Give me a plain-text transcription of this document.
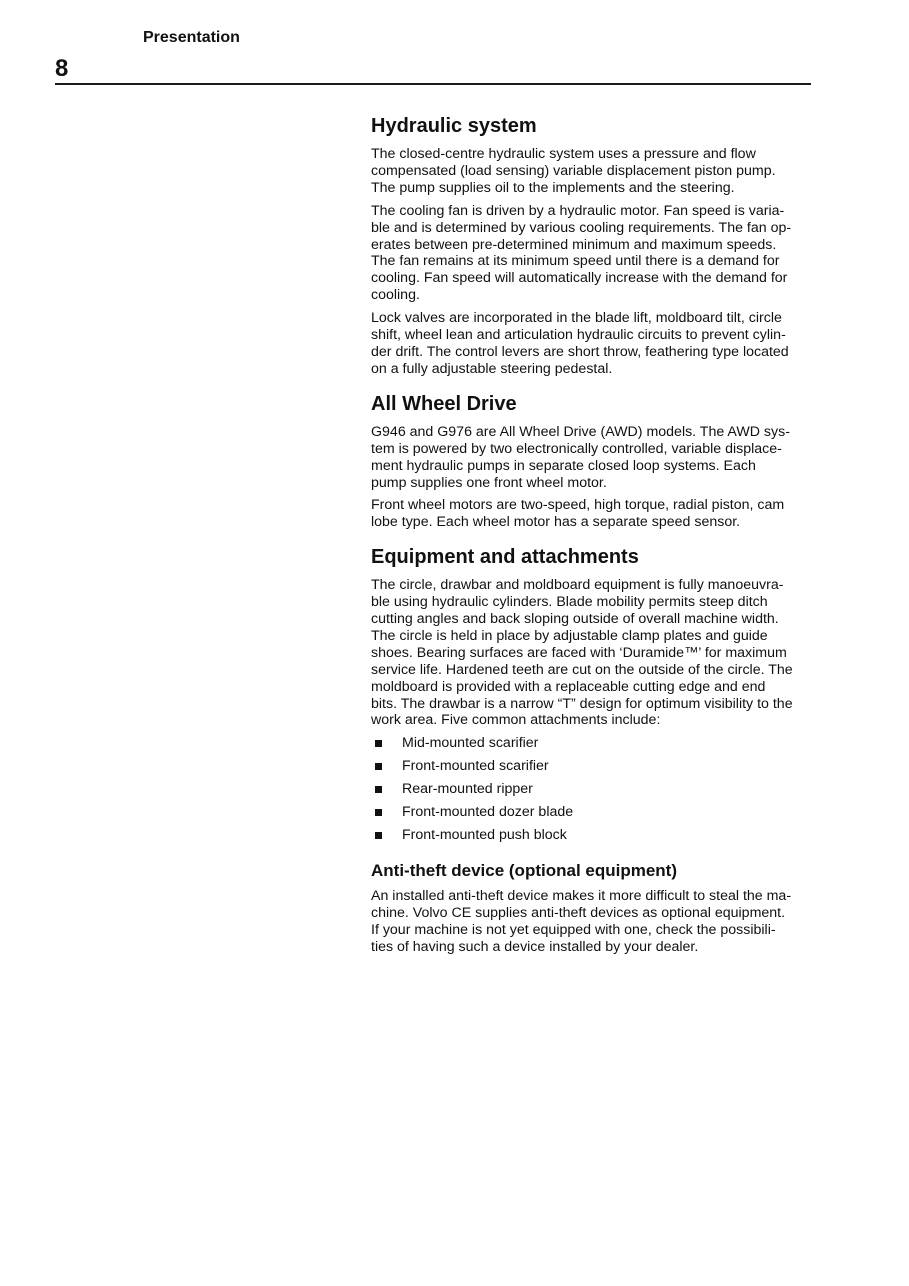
Presentation
8
Hydraulic system

The closed-centre hydraulic system uses a pressure and flow
compensated (load sensing) variable displacement piston pump.
The pump supplies oil to the implements and the steering.

The cooling fan is driven by a hydraulic motor. Fan speed is varia-
ble and is determined by various cooling requirements. The fan op-
erates between pre-determined minimum and maximum speeds.
The fan remains at its minimum speed until there is a demand for
cooling. Fan speed will automatically increase with the demand for
cooling.

Lock valves are incorporated in the blade lift, moldboard tilt, circle
shift, wheel lean and articulation hydraulic circuits to prevent cylin-
der drift. The control levers are short throw, feathering type located
on a fully adjustable steering pedestal.

All Wheel Drive

G946 and G976 are All Wheel Drive (AWD) models. The AWD sys-
tem is powered by two electronically controlled, variable displace-
ment hydraulic pumps in separate closed loop systems. Each
pump supplies one front wheel motor.

Front wheel motors are two-speed, high torque, radial piston, cam
lobe type. Each wheel motor has a separate speed sensor.

Equipment and attachments

The circle, drawbar and moldboard equipment is fully manoeuvra-
ble using hydraulic cylinders. Blade mobility permits steep ditch
cutting angles and back sloping outside of overall machine width.
The circle is held in place by adjustable clamp plates and guide
shoes. Bearing surfaces are faced with ‘Duramide™’ for maximum
service life. Hardened teeth are cut on the outside of the circle. The
moldboard is provided with a replaceable cutting edge and end
bits. The drawbar is a narrow “T” design for optimum visibility to the
work area. Five common attachments include:

Mid-mounted scarifier
Front-mounted scarifier
Rear-mounted ripper
Front-mounted dozer blade
Front-mounted push block
Anti-theft device (optional equipment)

An installed anti-theft device makes it more difficult to steal the ma-
chine. Volvo CE supplies anti-theft devices as optional equipment.
If your machine is not yet equipped with one, check the possibili-
ties of having such a device installed by your dealer.
